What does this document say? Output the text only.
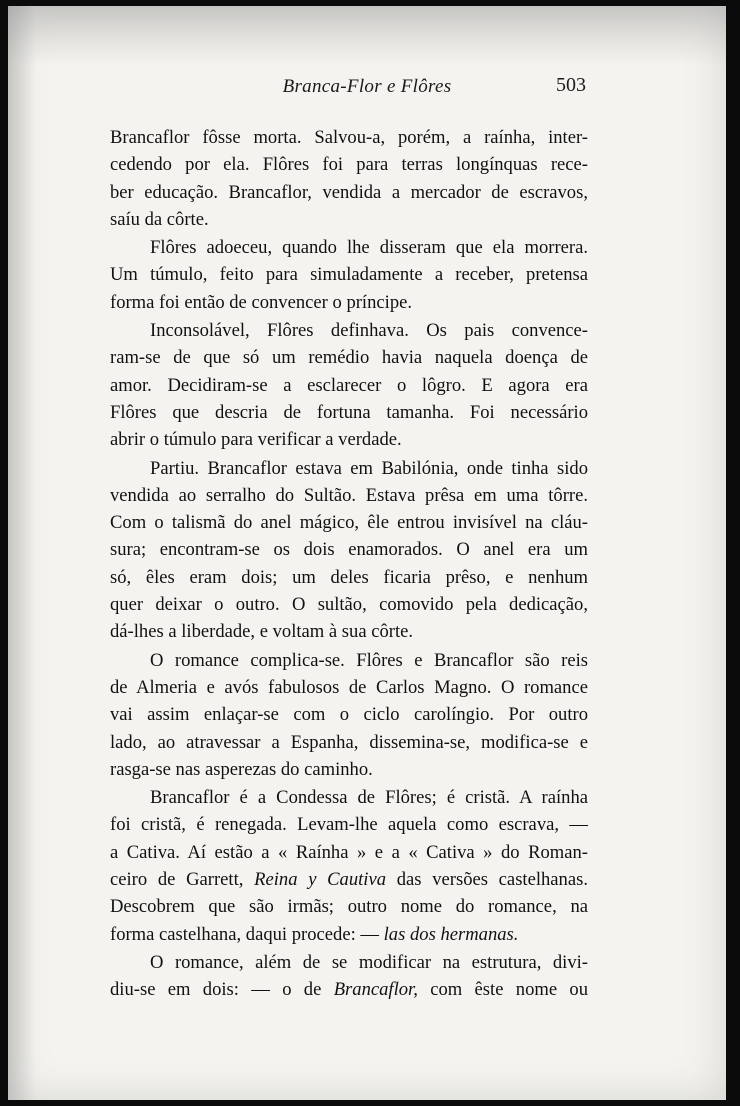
Branca-Flor e Flôres	503
Brancaflor fôsse morta. Salvou-a, porém, a raínha, inter-
cedendo por ela. Flôres foi para terras longínquas rece-
ber educação. Brancaflor, vendida a mercador de escravos,
saíu da côrte.
Flôres adoeceu, quando lhe disseram que ela morrera.
Um túmulo, feito para simuladamente a receber, pretensa
forma foi então de convencer o príncipe.
Inconsolável, Flôres definhava. Os pais convence-
ram-se de que só um remédio havia naquela doença de
amor. Decidiram-se a esclarecer o lôgro. E agora era
Flôres que descria de fortuna tamanha. Foi necessário
abrir o túmulo para verificar a verdade.
Partiu. Brancaflor estava em Babilónia, onde tinha sido
vendida ao serralho do Sultão. Estava prêsa em uma tôrre.
Com o talismã do anel mágico, êle entrou invisível na cláu-
sura; encontram-se os dois enamorados. O anel era um
só, êles eram dois; um deles ficaria prêso, e nenhum
quer deixar o outro. O sultão, comovido pela dedicação,
dá-lhes a liberdade, e voltam à sua côrte.
O romance complica-se. Flôres e Brancaflor são reis
de Almeria e avós fabulosos de Carlos Magno. O romance
vai assim enlaçar-se com o ciclo carolíngio. Por outro
lado, ao atravessar a Espanha, dissemina-se, modifica-se e
rasga-se nas asperezas do caminho.
Brancaflor é a Condessa de Flôres; é cristã. A raínha
foi cristã, é renegada. Levam-lhe aquela como escrava, —
a Cativa. Aí estão a « Raínha » e a « Cativa » do Roman-
ceiro de Garrett, Reina y Cautiva das versões castelhanas.
Descobrem que são irmãs; outro nome do romance, na
forma castelhana, daqui procede: — las dos hermanas.
O romance, além de se modificar na estrutura, divi-
diu-se em dois: — o de Brancaflor, com êste nome ou
